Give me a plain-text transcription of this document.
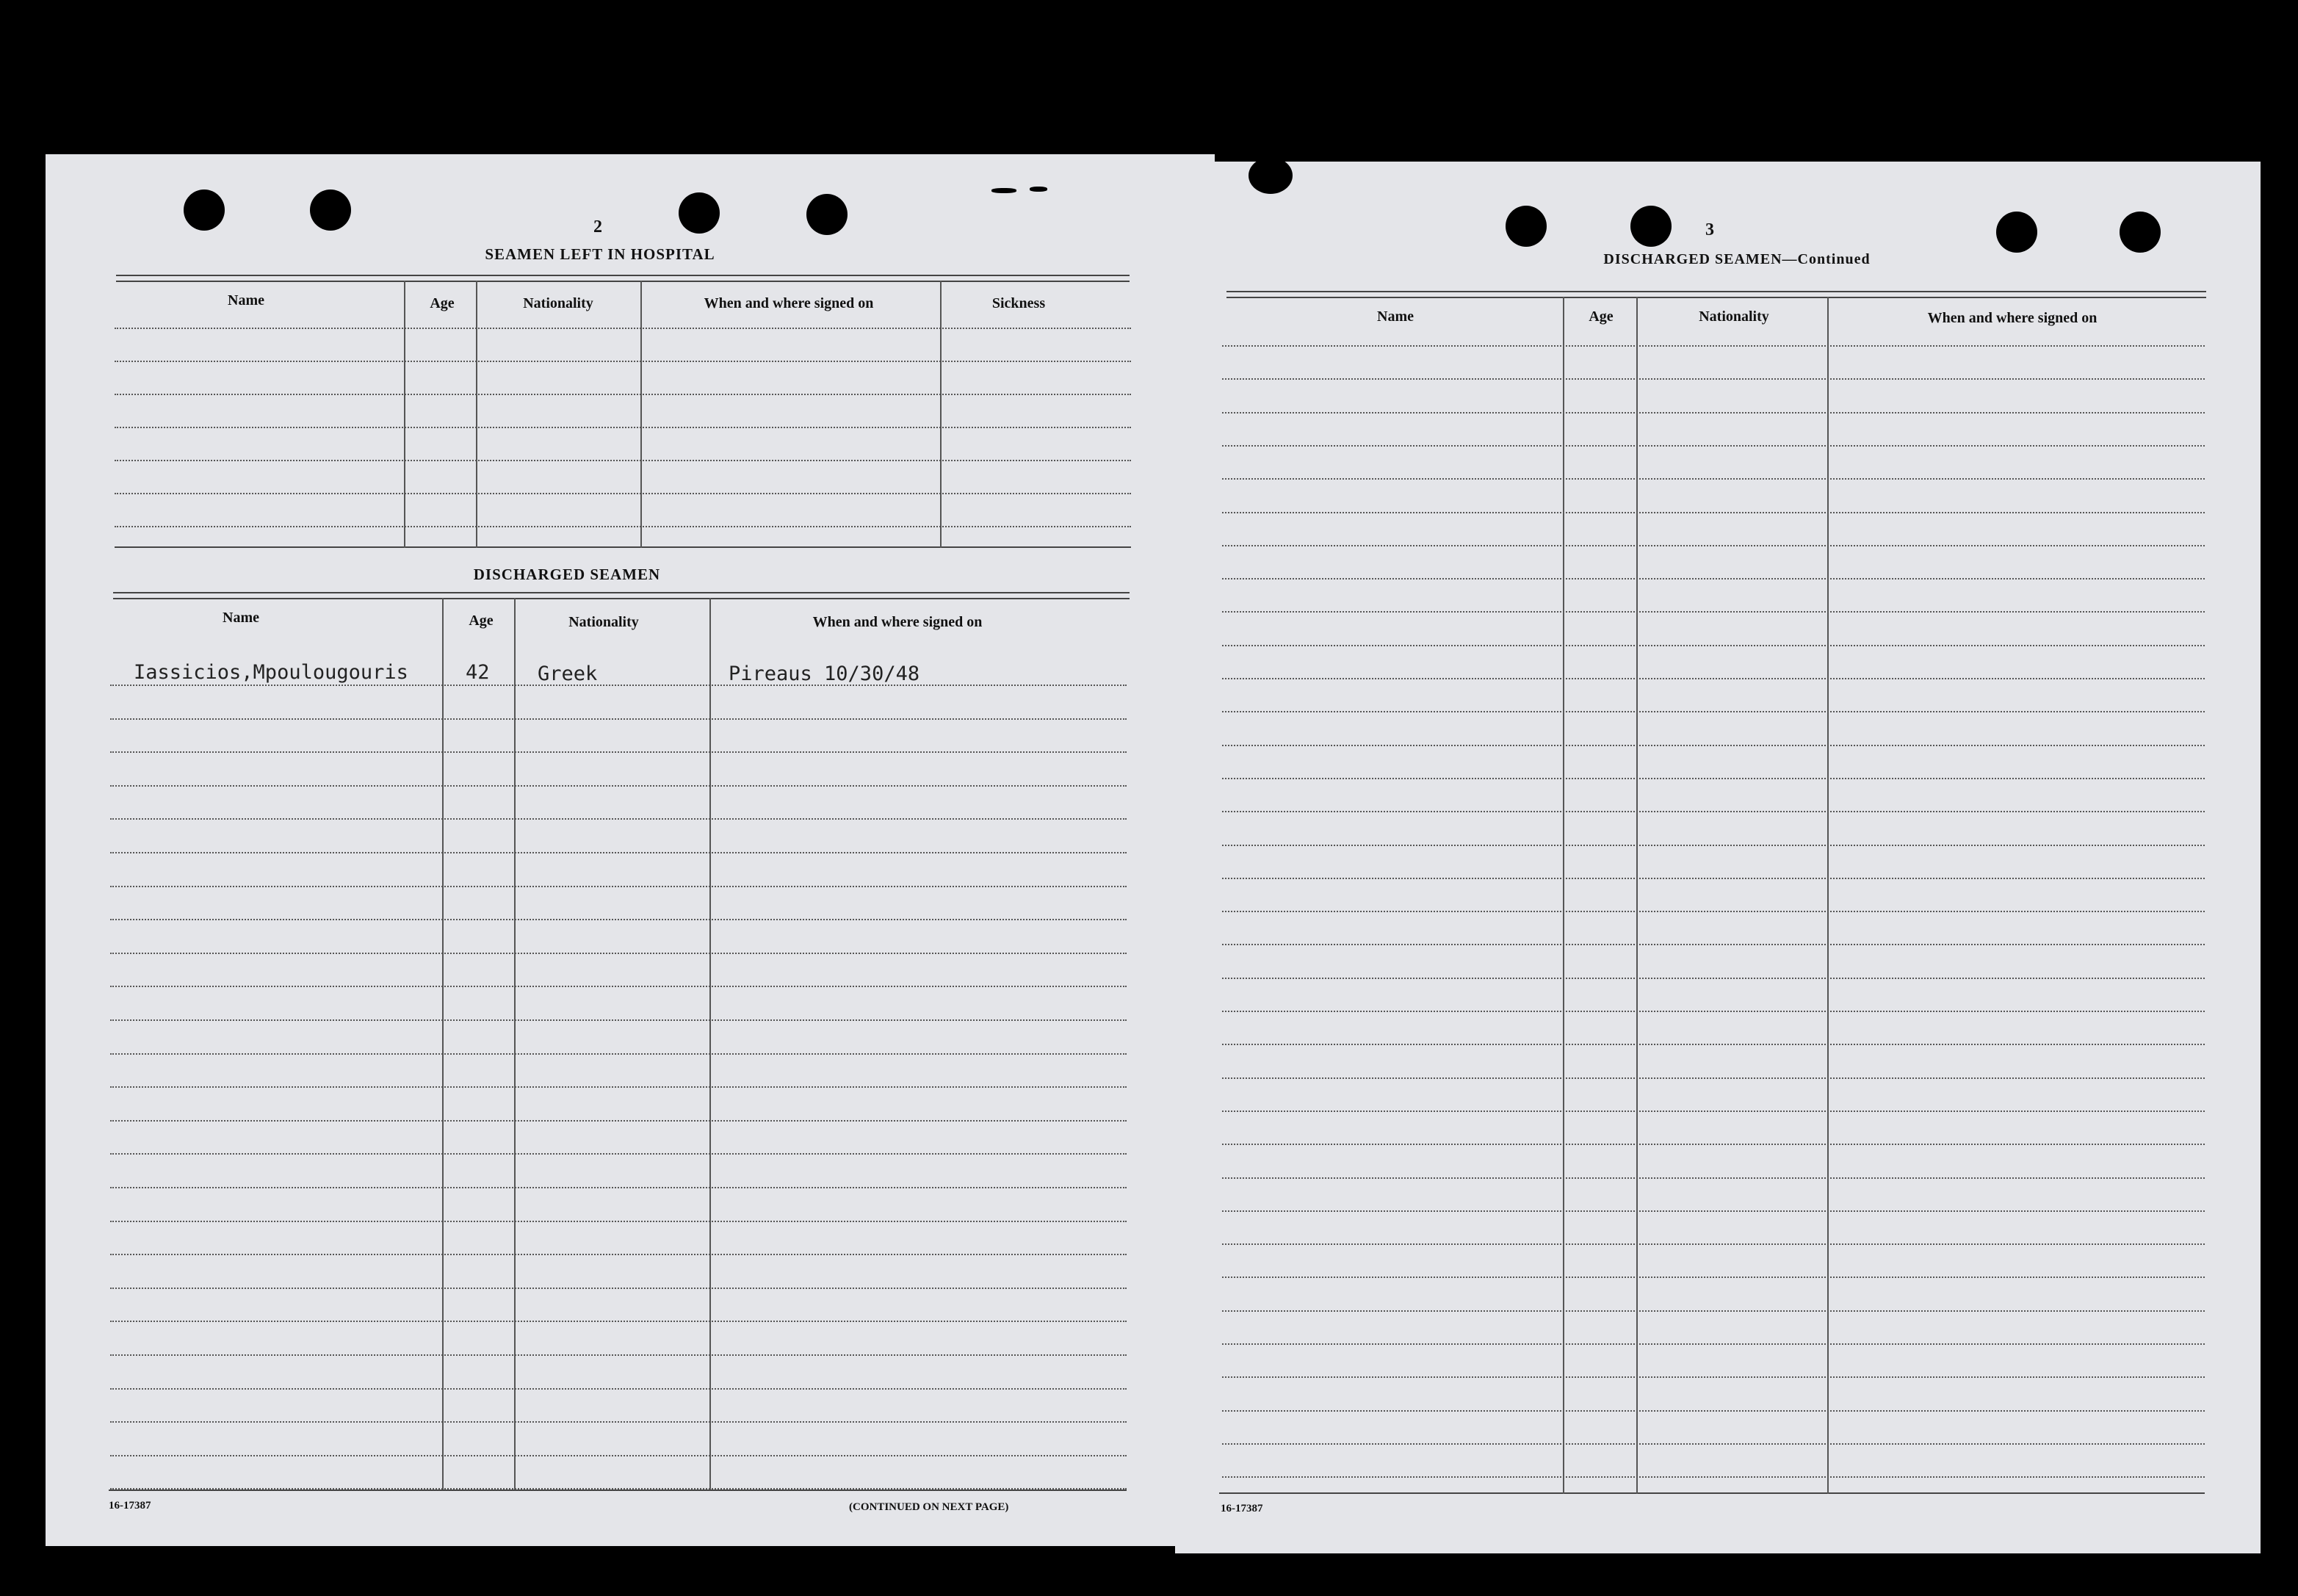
2
SEAMEN LEFT IN HOSPITAL
Name	Age	Nationality	When and where signed on	Sickness
DISCHARGED SEAMEN
Name	Age	Nationality	When and where signed on
Iassicios,Mpoulougouris	42 Greek	Pireaus 10/30/48
16-17387	(CONTINUED ON NEXT PAGE)
3
DISCHARGED SEAMEN—Continued
Name	Age	Nationality	When and where signed on
16-17387
